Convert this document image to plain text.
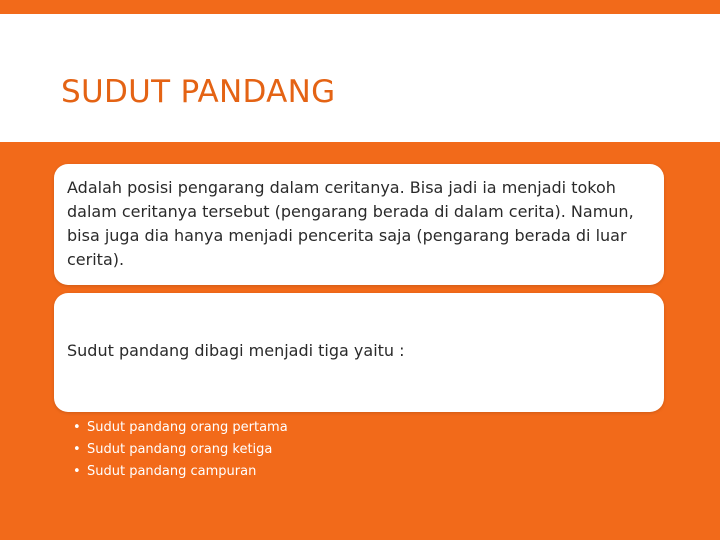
SUDUT PANDANG

Adalah posisi pengarang dalam ceritanya. Bisa jadi ia menjadi tokoh dalam ceritanya tersebut (pengarang berada di dalam cerita). Namun, bisa juga dia hanya menjadi pencerita saja (pengarang berada di luar cerita).

Sudut pandang dibagi menjadi tiga yaitu :

• Sudut pandang orang pertama
• Sudut pandang orang ketiga
• Sudut pandang campuran
